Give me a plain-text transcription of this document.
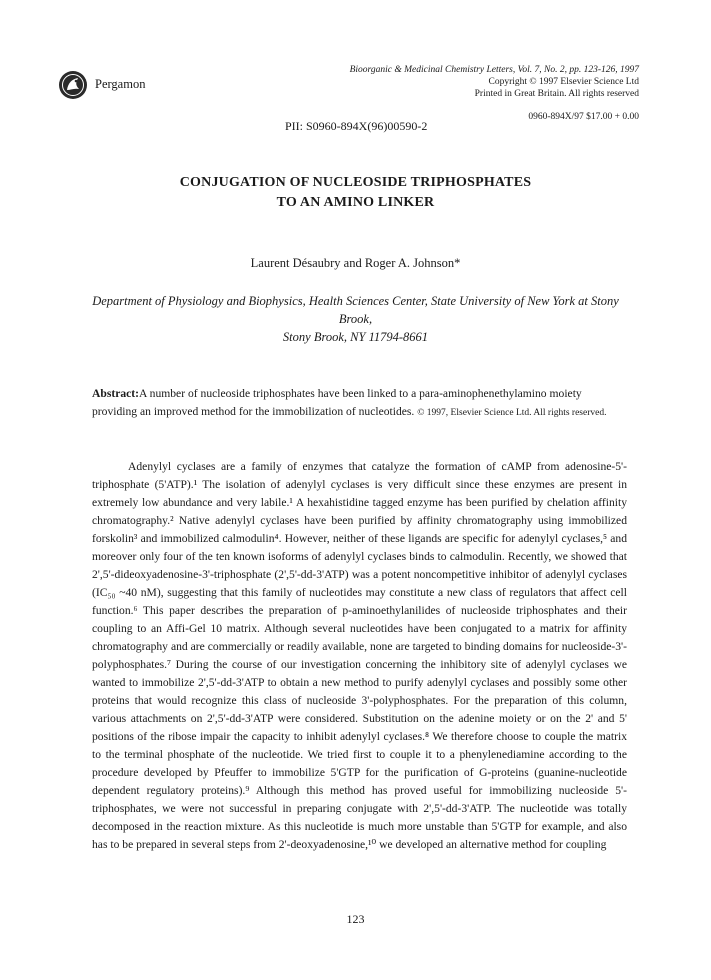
Pergamon
Bioorganic & Medicinal Chemistry Letters, Vol. 7, No. 2, pp. 123-126, 1997
Copyright © 1997 Elsevier Science Ltd
Printed in Great Britain. All rights reserved
0960-894X/97 $17.00 + 0.00
PII: S0960-894X(96)00590-2
CONJUGATION OF NUCLEOSIDE TRIPHOSPHATES
TO AN AMINO LINKER
Laurent Désaubry and Roger A. Johnson*
Department of Physiology and Biophysics, Health Sciences Center, State University of New York at Stony
Brook,
Stony Brook, NY 11794-8661
Abstract:A number of nucleoside triphosphates have been linked to a para-aminophenethylamino moiety providing an improved method for the immobilization of nucleotides. © 1997, Elsevier Science Ltd. All rights reserved.
Adenylyl cyclases are a family of enzymes that catalyze the formation of cAMP from adenosine-5'-triphosphate (5'ATP).¹ The isolation of adenylyl cyclases is very difficult since these enzymes are present in extremely low abundance and very labile.¹ A hexahistidine tagged enzyme has been purified by chelation affinity chromatography.² Native adenylyl cyclases have been purified by affinity chromatography using immobilized forskolin³ and immobilized calmodulin⁴. However, neither of these ligands are specific for adenylyl cyclases,⁵ and moreover only four of the ten known isoforms of adenylyl cyclases binds to calmodulin. Recently, we showed that 2',5'-dideoxyadenosine-3'-triphosphate (2',5'-dd-3'ATP) was a potent noncompetitive inhibitor of adenylyl cyclases (IC₅₀ ~40 nM), suggesting that this family of nucleotides may constitute a new class of regulators that affect cell function.⁶ This paper describes the preparation of p-aminoethylanilides of nucleoside triphosphates and their coupling to an Affi-Gel 10 matrix. Although several nucleotides have been conjugated to a matrix for affinity chromatography and are commercially or readily available, none are targeted to binding domains for nucleoside-3'-polyphosphates.⁷ During the course of our investigation concerning the inhibitory site of adenylyl cyclases we wanted to immobilize 2',5'-dd-3'ATP to obtain a new method to purify adenylyl cyclases and possibly some other proteins that would recognize this class of nucleoside 3'-polyphosphates. For the preparation of this column, various attachments on 2',5'-dd-3'ATP were considered. Substitution on the adenine moiety or on the 2' and 5' positions of the ribose impair the capacity to inhibit adenylyl cyclases.⁸ We therefore choose to couple the matrix to the terminal phosphate of the nucleotide. We tried first to couple it to a phenylenediamine according to the procedure developed by Pfeuffer to immobilize 5'GTP for the purification of G-proteins (guanine-nucleotide dependent regulatory proteins).⁹ Although this method has proved useful for immobilizing nucleoside 5'-triphosphates, we were not successful in preparing conjugate with 2',5'-dd-3'ATP. The nucleotide was totally decomposed in the reaction mixture. As this nucleotide is much more unstable than 5'GTP for example, and also has to be prepared in several steps from 2'-deoxyadenosine,¹⁰ we developed an alternative method for coupling
123
